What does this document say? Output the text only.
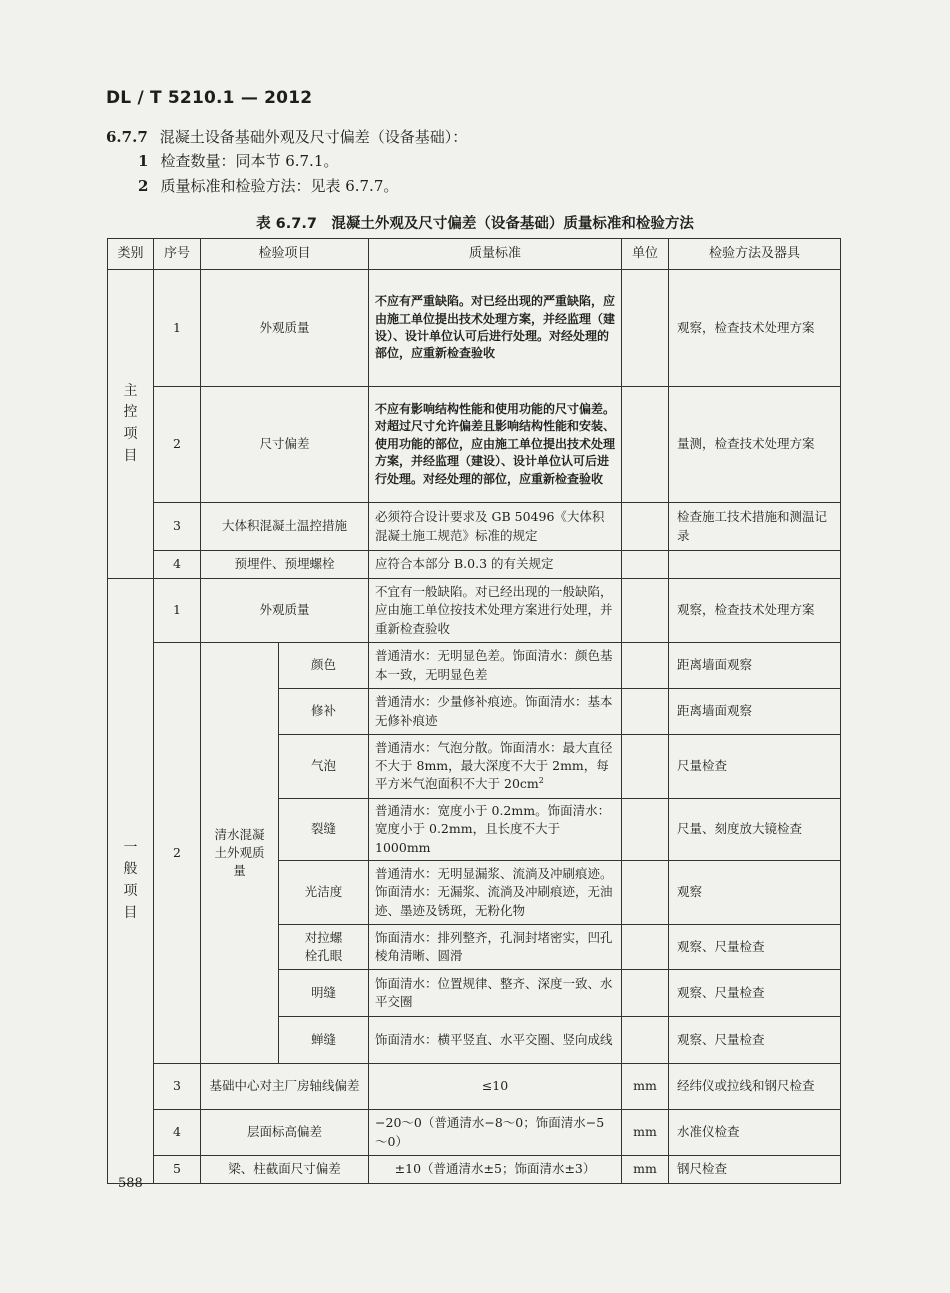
DL / T 5210.1 — 2012
6.7.7 混凝土设备基础外观及尺寸偏差（设备基础）：
1 检查数量：同本节 6.7.1。
2 质量标准和检验方法：见表 6.7.7。
表 6.7.7　混凝土外观及尺寸偏差（设备基础）质量标准和检验方法
类别	序号	检验项目		质量标准	单位	检验方法及器具

主控项目	1	外观质量		不应有严重缺陷。对已经出现的严重缺陷，应由施工单位提出技术处理方案，并经监理（建设）、设计单位认可后进行处理。对经处理的部位，应重新检查验收		观察，检查技术处理方案
	2	尺寸偏差		不应有影响结构性能和使用功能的尺寸偏差。对超过尺寸允许偏差且影响结构性能和安装、使用功能的部位，应由施工单位提出技术处理方案，并经监理（建设）、设计单位认可后进行处理。对经处理的部位，应重新检查验收		量测，检查技术处理方案
	3	大体积混凝土温控措施		必须符合设计要求及 GB 50496《大体积混凝土施工规范》标准的规定		检查施工技术措施和测温记录
	4	预埋件、预埋螺栓		应符合本部分 B.0.3 的有关规定		

一般项目	1	外观质量		不宜有一般缺陷。对已经出现的一般缺陷，应由施工单位按技术处理方案进行处理，并重新检查验收		观察，检查技术处理方案
	2	清水混凝土外观质量	颜色	普通清水：无明显色差。饰面清水：颜色基本一致，无明显色差		距离墙面观察
			修补	普通清水：少量修补痕迹。饰面清水：基本无修补痕迹		距离墙面观察
			气泡	普通清水：气泡分散。饰面清水：最大直径不大于 8mm，最大深度不大于 2mm，每平方米气泡面积不大于 $20cm^2$		尺量检查
			裂缝	普通清水：宽度小于 0.2mm。饰面清水：宽度小于 0.2mm，且长度不大于 1000mm		尺量、刻度放大镜检查
			光洁度	普通清水：无明显漏浆、流淌及冲刷痕迹。饰面清水：无漏浆、流淌及冲刷痕迹，无油迹、墨迹及锈斑，无粉化物		观察

			对拉螺栓孔眼	饰面清水：排列整齐，孔洞封堵密实，凹孔棱角清晰、圆滑		观察、尺量检查
			明缝	饰面清水：位置规律、整齐、深度一致、水平交圈		观察、尺量检查
			蝉缝	饰面清水：横平竖直、水平交圈、竖向成线		观察、尺量检查
	3	基础中心对主厂房轴线偏差		≤10	mm	经纬仪或拉线和钢尺检查
	4	层面标高偏差		−20～0（普通清水−8～0；饰面清水−5～0）	mm	水准仪检查
	5	梁、柱截面尺寸偏差		±10（普通清水±5；饰面清水±3）	mm	钢尺检查
588
